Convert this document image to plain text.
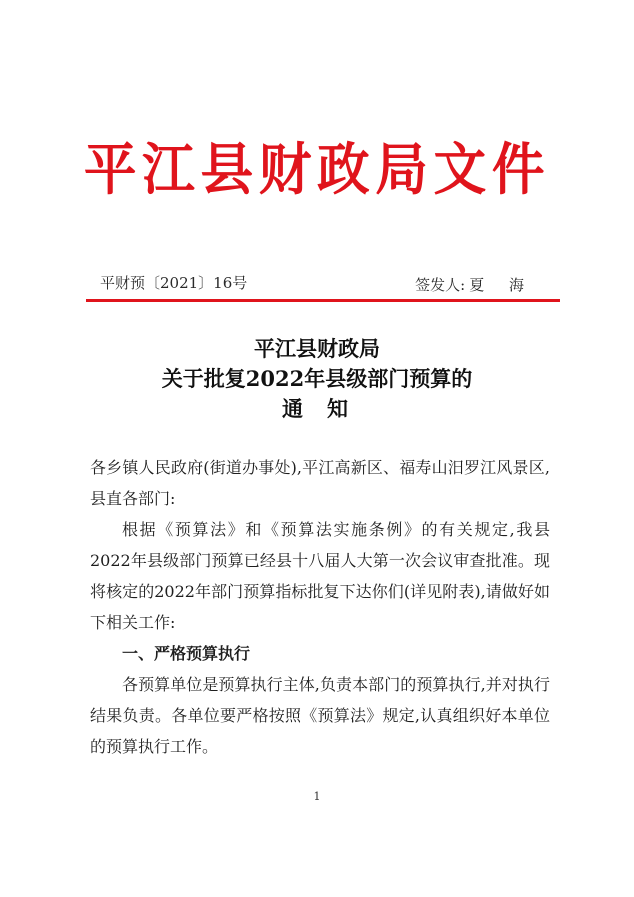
平江县财政局文件
平财预〔2021〕16号	签发人: 夏 海
平江县财政局
关于批复2022年县级部门预算的
通知

各乡镇人民政府(街道办事处),平江高新区、福寿山汨罗江风景区,县直各部门:

根据《预算法》和《预算法实施条例》的有关规定,我县2022年县级部门预算已经县十八届人大第一次会议审查批准。现将核定的2022年部门预算指标批复下达你们(详见附表),请做好如下相关工作:

一、严格预算执行

各预算单位是预算执行主体,负责本部门的预算执行,并对执行结果负责。各单位要严格按照《预算法》规定,认真组织好本单位的预算执行工作。

1
